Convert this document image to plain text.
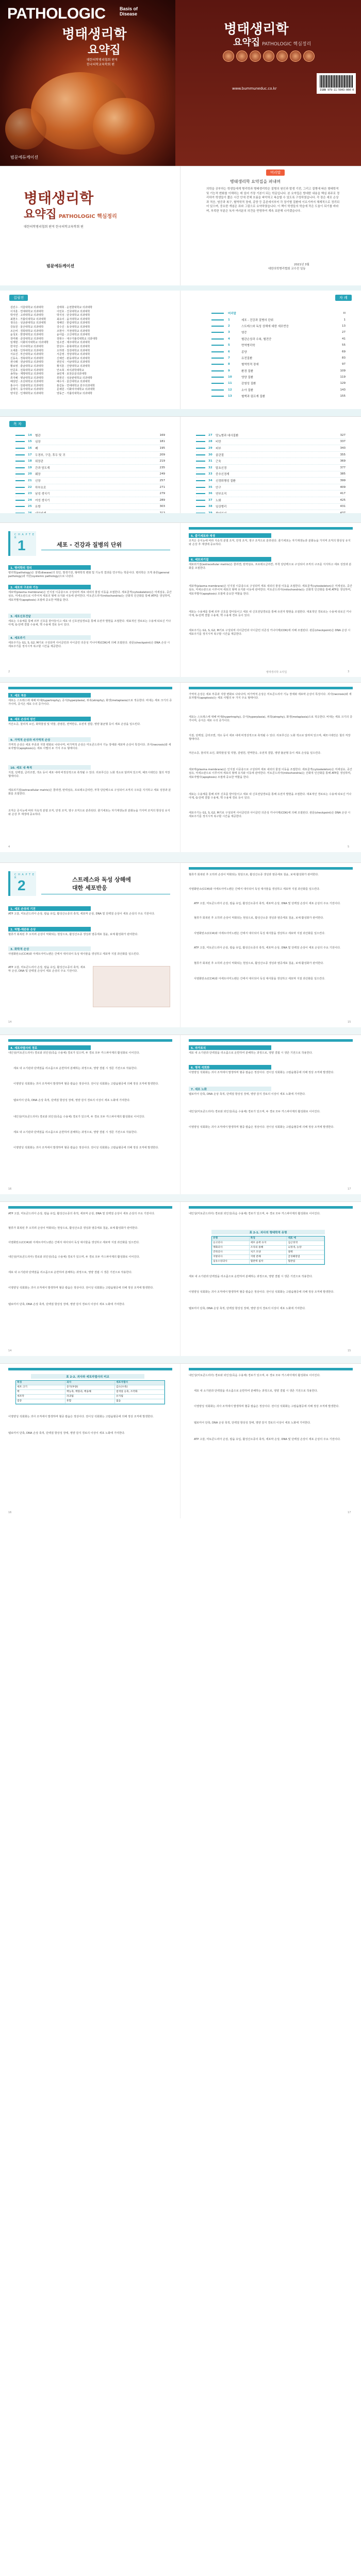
PATHOLOGIC	Basis of
Disease
병태생리학
요약집
대한의학병리협회 편역
한국의학교육학회 편
범문에듀케이션
병태생리학
요약집 PATHOLOGIC 핵심정리
www.bummuneduc.co.kr	ISBN 979-11-5943-000-0
병태생리학
요약집 PATHOLOGIC 핵심정리
대한의학병리협회 편역 한국의학교육학회 편
범문에듀케이션
머리말
병태생리학 요약집을 펴내며
의학을 공부하는 학생들에게 병리학과 병태생리학은 질병의 원인과 발생 기전, 그리고 질병에 따른 형태학적 및 기능적 변화를 이해하는 데 있어 가장 기본이 되는 학문입니다. 본 요약집은 방대한 내용을 핵심 위주로 정리하여 학생들이 짧은 시간 안에 전체 흐름을 파악하고 복습할 수 있도록 구성하였습니다. 각 장은 세포 손상과 적응, 염증과 복구, 혈역학적 장애, 종양 등 총론에서부터 각 장기별 질환에 이르기까지 체계적으로 정리되어 있으며, 중요한 개념은 표와 그림으로 요약하였습니다. 이 책이 학생들의 학습에 작은 도움이 되기를 바라며, 부족한 부분은 독자 여러분의 의견을 반영하여 계속 보완해 나가겠습니다.
2021년 3월
대한의학병리협회 교수진 일동
집필진
김민수 · 서울대학교 의과대학
이지훈 · 연세대학교 의과대학
박서연 · 고려대학교 의과대학
최현우 · 가톨릭대학교 의과대학
정다은 · 성균관대학교 의과대학
강동원 · 울산대학교 의과대학
조은비 · 경희대학교 의과대학
윤성호 · 한양대학교 의과대학
장미래 · 중앙대학교 의과대학
임재현 · 이화여자대학교 의과대학
한지민 · 아주대학교 의과대학
오세훈 · 인하대학교 의과대학
서유진 · 부산대학교 의과대학
신동욱 · 경북대학교 의과대학
권나래 · 전남대학교 의과대학
황보영 · 충남대학교 의과대학
안준호 · 전북대학교 의과대학
송하늘 · 계명대학교 의과대학
류지혜 · 영남대학교 의과대학
배상민 · 조선대학교 의과대학
홍수아 · 원광대학교 의과대학
문태식 · 동아대학교 의과대학
양지원 · 인제대학교 의과대학
김태희 · 순천향대학교 의과대학
이민호 · 건국대학교 의과대학
박지성 · 단국대학교 의과대학
최유리 · 을지대학교 의과대학
정해인 · 한림대학교 의과대학
강수진 · 동국대학교 의과대학
조현아 · 가천대학교 의과대학
윤아름 · 고신대학교 의과대학
장현수 · 대구가톨릭대학교 의과대학
임소연 · 제주대학교 의과대학
한상우 · 충북대학교 의과대학
오하영 · 강원대학교 의과대학
서준영 · 경상대학교 의과대학
신예린 · 관동대학교 의과대학
권민석 · 서남대학교 의과대학
황지훈 · 건양대학교 의과대학
안소희 · 차의과학대학교
송민재 · 포천중문의과대학
류현진 · 성균관대학교 의과대학
배수지 · 울산대학교 의과대학
홍길동 · 연세대학교 원주의과대학
문채원 · 이화여자대학교 의과대학
양동근 · 가톨릭대학교 의과대학
차 례
머리말	iii
1	세포 - 건강과 질병의 단위	1
2	스트레스와 독성 상해에 대한 세포반응	13
3	염증	27
4	혈관손상과 수복, 혈전증	41
5	면역병리학	55
6	종양	69
7	유전질환	83
8	혈역학적 장애	97
9	환경 질환	109
10	영양 질환	119
11	감염성 질환	129
12	소아 질환	143
13	혈액과 림프계 질환	155
목 차
14	혈관	169
15	심장	181
16	폐	195
17	두경부, 구강, 후두 및 귀	209
18	위장관	219
19	간과 담도계	235
20	췌장	249
21	신장	257
22	하부요로	271
23	남성 생식기	279
24	여성 생식기	289
25	유방	303
27	당뇨병과 대사질환	327
28	비만	337
29	피부	343
30	골관절	355
31	근육	369
32	말초신경	377
33	중추신경계	385
34	신경퇴행성 질환	399
35	안구	409
36	연부조직	417
37	노화	425
38	임상병리	431
C H A P T E R 1	세포 - 건강과 질병의 단위
1. 병리학의 정의
병리학(pathology)은 질병(disease)의 원인, 발생기전, 형태학적 변화 및 기능적 결과를 연구하는 학문이다. 병리학은 크게 총론(general pathology)과 각론(systemic pathology)으로 나뉜다.
2. 세포의 구조와 기능
세포막(plasma membrane)은 인지질 이중층으로 구성되며 세포 내외의 물질 이동을 조절한다. 세포골격(cytoskeleton)은 미세섬유, 중간섬유, 미세소관으로 이루어져 세포의 형태 유지와 이동에 관여한다. 미토콘드리아(mitochondria)는 산화적 인산화를 통해 ATP를 생성하며, 세포자멸사(apoptosis) 조절에 중요한 역할을 한다.
3. 세포신호전달
세포는 수용체를 통해 외부 신호를 받아들이고 세포 내 신호전달경로를 통해 유전자 발현을 조절한다. 대표적인 경로로는 수용체 티로신 키나아제, G-단백 결합 수용체, 핵 수용체 경로 등이 있다.
4. 세포주기
세포주기는 G1, S, G2, M기로 구성되며 사이클린과 사이클린 의존성 키나아제(CDK)에 의해 조절된다. 관문(checkpoint)은 DNA 손상 시 세포주기를 정지시켜 복구할 시간을 제공한다.
2
5. 줄기세포와 재생
조직은 증식능에 따라 지속적 분열 조직, 안정 조직, 영구 조직으로 분류된다. 줄기세포는 자기재생능과 분화능을 가지며 조직의 항상성 유지와 손상 후 재생에 중요하다.
6. 세포외기질
세포외기질(extracellular matrix)은 콜라겐, 탄력섬유, 프로테오글리칸, 부착 당단백으로 구성되어 조직의 구조를 지지하고 세포 성장과 분화를 조절한다.
세포막(plasma membrane)은 인지질 이중층으로 구성되며 세포 내외의 물질 이동을 조절한다. 세포골격(cytoskeleton)은 미세섬유, 중간섬유, 미세소관으로 이루어져 세포의 형태 유지와 이동에 관여한다. 미토콘드리아(mitochondria)는 산화적 인산화를 통해 ATP를 생성하며, 세포자멸사(apoptosis) 조절에 중요한 역할을 한다.
세포는 수용체를 통해 외부 신호를 받아들이고 세포 내 신호전달경로를 통해 유전자 발현을 조절한다. 대표적인 경로로는 수용체 티로신 키나아제, G-단백 결합 수용체, 핵 수용체 경로 등이 있다.
세포주기는 G1, S, G2, M기로 구성되며 사이클린과 사이클린 의존성 키나아제(CDK)에 의해 조절된다. 관문(checkpoint)은 DNA 손상 시 세포주기를 정지시켜 복구할 시간을 제공한다.
병태생리학 요약집	3
7. 세포 적응
세포는 스트레스에 대해 비대(hypertrophy), 증식(hyperplasia), 위축(atrophy), 화생(metaplasia)으로 적응한다. 비대는 세포 크기의 증가이며, 증식은 세포 수의 증가이다.
8. 세포 손상의 원인
저산소증, 물리적 요인, 화학물질 및 약물, 감염원, 면역반응, 유전적 결함, 영양 불균형 등이 세포 손상을 일으킨다.
9. 가역적 손상과 비가역적 손상
가역적 손상은 세포 부종과 지방 변화로 나타나며, 비가역적 손상은 미토콘드리아 기능 장애와 세포막 손상이 특징이다. 괴사(necrosis)와 세포자멸사(apoptosis)는 세포 사멸의 두 가지 주요 형태이다.
10. 세포 내 축적
지질, 단백질, 글리코겐, 색소 등이 세포 내에 비정상적으로 축적될 수 있다. 리포푸신은 노화 색소로 알려져 있으며, 헤모시데린은 철의 저장 형태이다.
세포외기질(extracellular matrix)은 콜라겐, 탄력섬유, 프로테오글리칸, 부착 당단백으로 구성되어 조직의 구조를 지지하고 세포 성장과 분화를 조절한다.
조직은 증식능에 따라 지속적 분열 조직, 안정 조직, 영구 조직으로 분류된다. 줄기세포는 자기재생능과 분화능을 가지며 조직의 항상성 유지와 손상 후 재생에 중요하다.
4
가역적 손상은 세포 부종과 지방 변화로 나타나며, 비가역적 손상은 미토콘드리아 기능 장애와 세포막 손상이 특징이다. 괴사(necrosis)와 세포자멸사(apoptosis)는 세포 사멸의 두 가지 주요 형태이다.
세포는 스트레스에 대해 비대(hypertrophy), 증식(hyperplasia), 위축(atrophy), 화생(metaplasia)으로 적응한다. 비대는 세포 크기의 증가이며, 증식은 세포 수의 증가이다.
지질, 단백질, 글리코겐, 색소 등이 세포 내에 비정상적으로 축적될 수 있다. 리포푸신은 노화 색소로 알려져 있으며, 헤모시데린은 철의 저장 형태이다.
저산소증, 물리적 요인, 화학물질 및 약물, 감염원, 면역반응, 유전적 결함, 영양 불균형 등이 세포 손상을 일으킨다.
세포막(plasma membrane)은 인지질 이중층으로 구성되며 세포 내외의 물질 이동을 조절한다. 세포골격(cytoskeleton)은 미세섬유, 중간섬유, 미세소관으로 이루어져 세포의 형태 유지와 이동에 관여한다. 미토콘드리아(mitochondria)는 산화적 인산화를 통해 ATP를 생성하며, 세포자멸사(apoptosis) 조절에 중요한 역할을 한다.
세포는 수용체를 통해 외부 신호를 받아들이고 세포 내 신호전달경로를 통해 유전자 발현을 조절한다. 대표적인 경로로는 수용체 티로신 키나아제, G-단백 결합 수용체, 핵 수용체 경로 등이 있다.
세포주기는 G1, S, G2, M기로 구성되며 사이클린과 사이클린 의존성 키나아제(CDK)에 의해 조절된다. 관문(checkpoint)은 DNA 손상 시 세포주기를 정지시켜 복구할 시간을 제공한다.
5
C H A P T E R 2	스트레스와 독성 상해에
대한 세포반응
1. 세포 손상의 기전
ATP 고갈, 미토콘드리아 손상, 칼슘 유입, 활성산소종의 축적, 세포막 손상, DNA 및 단백질 손상이 세포 손상의 주요 기전이다.
2. 허혈-재관류 손상
혈류가 회복된 후 오히려 손상이 악화되는 현상으로, 활성산소종 생성과 염증세포 침윤, 보체 활성화가 관여한다.
3. 화학적 손상
사염화탄소(CCl4)와 아세트아미노펜은 간에서 대사되어 독성 대사물을 생성하고 세포막 지질 과산화를 일으킨다.
ATP 고갈, 미토콘드리아 손상, 칼슘 유입, 활성산소종의 축적, 세포막 손상, DNA 및 단백질 손상이 세포 손상의 주요 기전이다.
14
혈류가 회복된 후 오히려 손상이 악화되는 현상으로, 활성산소종 생성과 염증세포 침윤, 보체 활성화가 관여한다.
사염화탄소(CCl4)와 아세트아미노펜은 간에서 대사되어 독성 대사물을 생성하고 세포막 지질 과산화를 일으킨다.
ATP 고갈, 미토콘드리아 손상, 칼슘 유입, 활성산소종의 축적, 세포막 손상, DNA 및 단백질 손상이 세포 손상의 주요 기전이다.
혈류가 회복된 후 오히려 손상이 악화되는 현상으로, 활성산소종 생성과 염증세포 침윤, 보체 활성화가 관여한다.
사염화탄소(CCl4)와 아세트아미노펜은 간에서 대사되어 독성 대사물을 생성하고 세포막 지질 과산화를 일으킨다.
ATP 고갈, 미토콘드리아 손상, 칼슘 유입, 활성산소종의 축적, 세포막 손상, DNA 및 단백질 손상이 세포 손상의 주요 기전이다.
혈류가 회복된 후 오히려 손상이 악화되는 현상으로, 활성산소종 생성과 염증세포 침윤, 보체 활성화가 관여한다.
사염화탄소(CCl4)와 아세트아미노펜은 간에서 대사되어 독성 대사물을 생성하고 세포막 지질 과산화를 일으킨다.
15
4. 세포자멸사의 경로
내인성(미토콘드리아) 경로와 외인성(죽음 수용체) 경로가 있으며, 두 경로 모두 카스파아제의 활성화로 이어진다.
세포 내 소기관과 단백질을 리소좀으로 운반하여 분해하는 과정으로, 영양 결핍 시 생존 기전으로 작용한다.
이영양성 석회화는 괴사 조직에서 발생하며 혈중 칼슘은 정상이다. 전이성 석회화는 고칼슘혈증에 의해 정상 조직에 발생한다.
텔로미어 단축, DNA 손상 축적, 단백질 항상성 장애, 영양 감지 경로의 이상이 세포 노화에 기여한다.
내인성(미토콘드리아) 경로와 외인성(죽음 수용체) 경로가 있으며, 두 경로 모두 카스파아제의 활성화로 이어진다.
세포 내 소기관과 단백질을 리소좀으로 운반하여 분해하는 과정으로, 영양 결핍 시 생존 기전으로 작용한다.
이영양성 석회화는 괴사 조직에서 발생하며 혈중 칼슘은 정상이다. 전이성 석회화는 고칼슘혈증에 의해 정상 조직에 발생한다.
16
5. 자가포식
세포 내 소기관과 단백질을 리소좀으로 운반하여 분해하는 과정으로, 영양 결핍 시 생존 기전으로 작용한다.
6. 병적 석회화
이영양성 석회화는 괴사 조직에서 발생하며 혈중 칼슘은 정상이다. 전이성 석회화는 고칼슘혈증에 의해 정상 조직에 발생한다.
7. 세포 노화
텔로미어 단축, DNA 손상 축적, 단백질 항상성 장애, 영양 감지 경로의 이상이 세포 노화에 기여한다.
내인성(미토콘드리아) 경로와 외인성(죽음 수용체) 경로가 있으며, 두 경로 모두 카스파아제의 활성화로 이어진다.
이영양성 석회화는 괴사 조직에서 발생하며 혈중 칼슘은 정상이다. 전이성 석회화는 고칼슘혈증에 의해 정상 조직에 발생한다.
17
ATP 고갈, 미토콘드리아 손상, 칼슘 유입, 활성산소종의 축적, 세포막 손상, DNA 및 단백질 손상이 세포 손상의 주요 기전이다.
혈류가 회복된 후 오히려 손상이 악화되는 현상으로, 활성산소종 생성과 염증세포 침윤, 보체 활성화가 관여한다.
사염화탄소(CCl4)와 아세트아미노펜은 간에서 대사되어 독성 대사물을 생성하고 세포막 지질 과산화를 일으킨다.
내인성(미토콘드리아) 경로와 외인성(죽음 수용체) 경로가 있으며, 두 경로 모두 카스파아제의 활성화로 이어진다.
세포 내 소기관과 단백질을 리소좀으로 운반하여 분해하는 과정으로, 영양 결핍 시 생존 기전으로 작용한다.
이영양성 석회화는 괴사 조직에서 발생하며 혈중 칼슘은 정상이다. 전이성 석회화는 고칼슘혈증에 의해 정상 조직에 발생한다.
텔로미어 단축, DNA 손상 축적, 단백질 항상성 장애, 영양 감지 경로의 이상이 세포 노화에 기여한다.
14
내인성(미토콘드리아) 경로와 외인성(죽음 수용체) 경로가 있으며, 두 경로 모두 카스파아제의 활성화로 이어진다.
표 2-1. 괴사의 형태학적 유형
유형	특징	대표 예
응고괴사	세포 윤곽 유지	심근경색
액화괴사	조직의 용해	뇌경색, 농양
건락괴사	치즈 모양	결핵
지방괴사	지방 분해	급성췌장염
섬유소양괴사	혈관벽 침착	혈관염
세포 내 소기관과 단백질을 리소좀으로 운반하여 분해하는 과정으로, 영양 결핍 시 생존 기전으로 작용한다.
이영양성 석회화는 괴사 조직에서 발생하며 혈중 칼슘은 정상이다. 전이성 석회화는 고칼슘혈증에 의해 정상 조직에 발생한다.
텔로미어 단축, DNA 손상 축적, 단백질 항상성 장애, 영양 감지 경로의 이상이 세포 노화에 기여한다.
15
표 2-2. 괴사와 세포자멸사의 비교
특징	괴사	세포자멸사
세포 크기	증가(부종)	감소(수축)
핵	핵농축, 핵붕괴, 핵융해	염색질 응축, 조각화
세포막	파괴됨	유지됨
염증	흔함	없음
이영양성 석회화는 괴사 조직에서 발생하며 혈중 칼슘은 정상이다. 전이성 석회화는 고칼슘혈증에 의해 정상 조직에 발생한다.
텔로미어 단축, DNA 손상 축적, 단백질 항상성 장애, 영양 감지 경로의 이상이 세포 노화에 기여한다.
16
내인성(미토콘드리아) 경로와 외인성(죽음 수용체) 경로가 있으며, 두 경로 모두 카스파아제의 활성화로 이어진다.
세포 내 소기관과 단백질을 리소좀으로 운반하여 분해하는 과정으로, 영양 결핍 시 생존 기전으로 작용한다.
이영양성 석회화는 괴사 조직에서 발생하며 혈중 칼슘은 정상이다. 전이성 석회화는 고칼슘혈증에 의해 정상 조직에 발생한다.
텔로미어 단축, DNA 손상 축적, 단백질 항상성 장애, 영양 감지 경로의 이상이 세포 노화에 기여한다.
ATP 고갈, 미토콘드리아 손상, 칼슘 유입, 활성산소종의 축적, 세포막 손상, DNA 및 단백질 손상이 세포 손상의 주요 기전이다.
17
